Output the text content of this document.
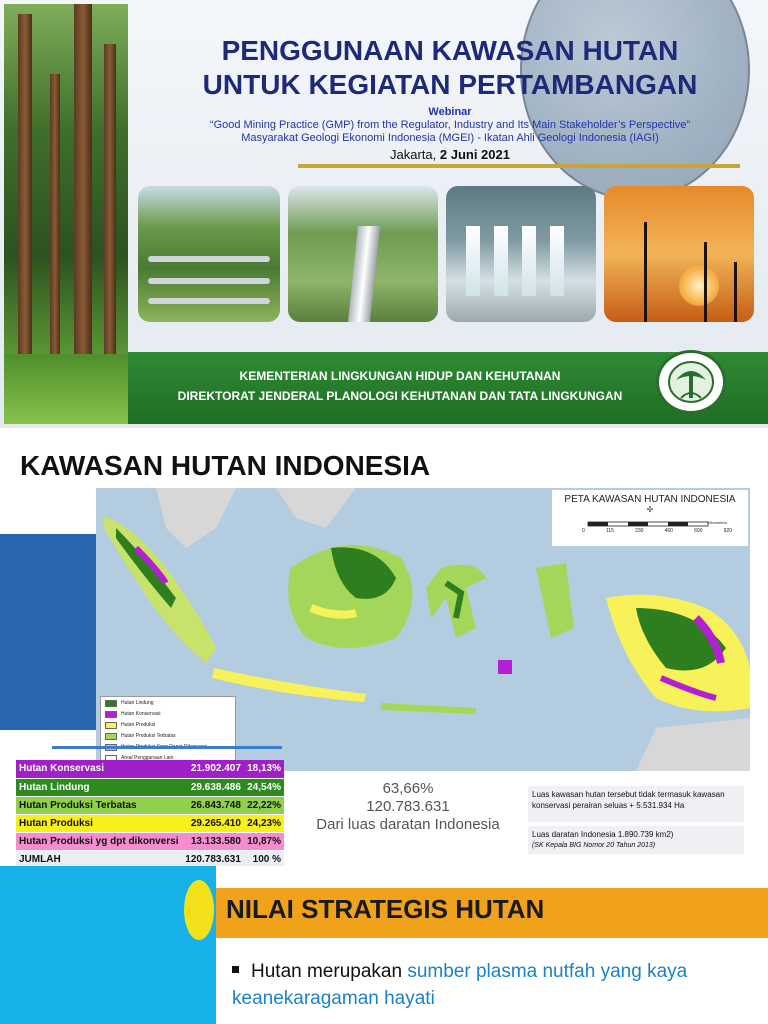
PENGGUNAAN KAWASAN HUTAN
UNTUK KEGIATAN PERTAMBANGAN
Webinar
“Good Mining Practice (GMP) from the Regulator, Industry and Its Main Stakeholder’s Perspective”
Masyarakat Geologi Ekonomi Indonesia (MGEI) - Ikatan Ahli Geologi Indonesia (IAGI)
Jakarta, 2 Juni 2021
KEMENTERIAN LINGKUNGAN HIDUP DAN KEHUTANAN
DIREKTORAT JENDERAL PLANOLOGI KEHUTANAN DAN TATA LINGKUNGAN
KAWASAN HUTAN INDONESIA
PETA KAWASAN HUTAN INDONESIA
✢
0	115	230	460	690	920
Kilometers
Hutan Lindung
Hutan Konservasi
Hutan Produksi
Hutan Produksi Terbatas
Areal Penggunaan Lain
Hutan Konservasi	21.902.407	18,13%
Hutan Lindung	29.638.486	24,54%
Hutan Produksi Terbatas	26.843.748	22,22%
Hutan Produksi	29.265.410	24,23%
Hutan Produksi yg dpt dikonversi	13.133.580	10,87%
JUMLAH	120.783.631	100 %
63,66%
120.783.631
Dari luas daratan Indonesia
Luas kawasan hutan tersebut tidak termasuk kawasan konservasi perairan seluas + 5.531.934 Ha
Luas daratan Indonesia 1.890.739 km2)
(SK Kepala BIG Nomor 20 Tahun 2013)
NILAI STRATEGIS HUTAN
Hutan merupakan sumber plasma nutfah yang kaya keanekaragaman hayati
